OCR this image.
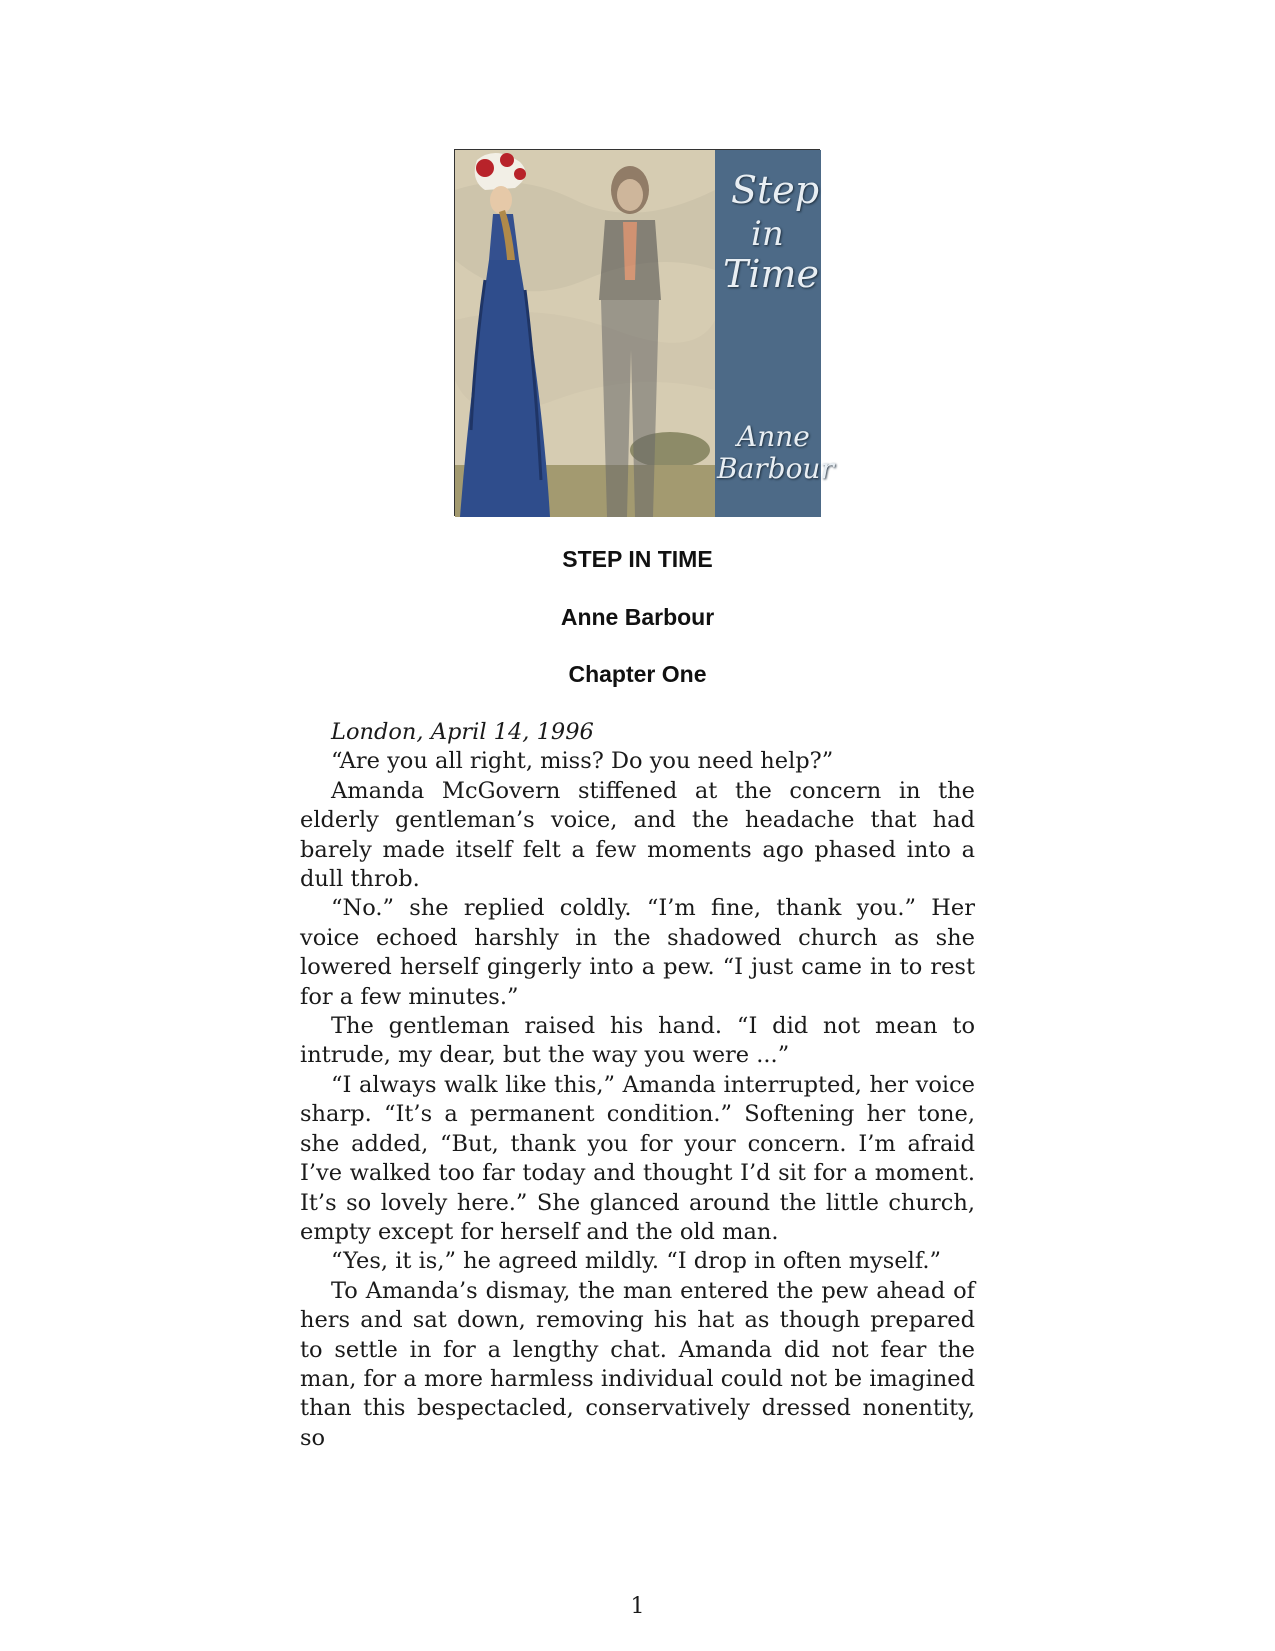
Step
in
Time
Anne
Barbour
STEP IN TIME
Anne Barbour
Chapter One

London, April 14, 1996

“Are you all right, miss? Do you need help?”

Amanda McGovern stiffened at the concern in the elderly gentleman’s voice, and the headache that had barely made itself felt a few moments ago phased into a dull throb.

“No.” she replied coldly. “I’m fine, thank you.” Her voice echoed harshly in the shadowed church as she lowered herself gingerly into a pew. “I just came in to rest for a few minutes.”

The gentleman raised his hand. “I did not mean to intrude, my dear, but the way you were ...”

“I always walk like this,” Amanda interrupted, her voice sharp. “It’s a permanent condition.” Softening her tone, she added, “But, thank you for your concern. I’m afraid I’ve walked too far today and thought I’d sit for a moment. It’s so lovely here.” She glanced around the little church, empty except for herself and the old man.

“Yes, it is,” he agreed mildly. “I drop in often myself.”

To Amanda’s dismay, the man entered the pew ahead of hers and sat down, removing his hat as though prepared to settle in for a lengthy chat. Amanda did not fear the man, for a more harmless individual could not be imagined than this bespectacled, conservatively dressed nonentity, so

1
